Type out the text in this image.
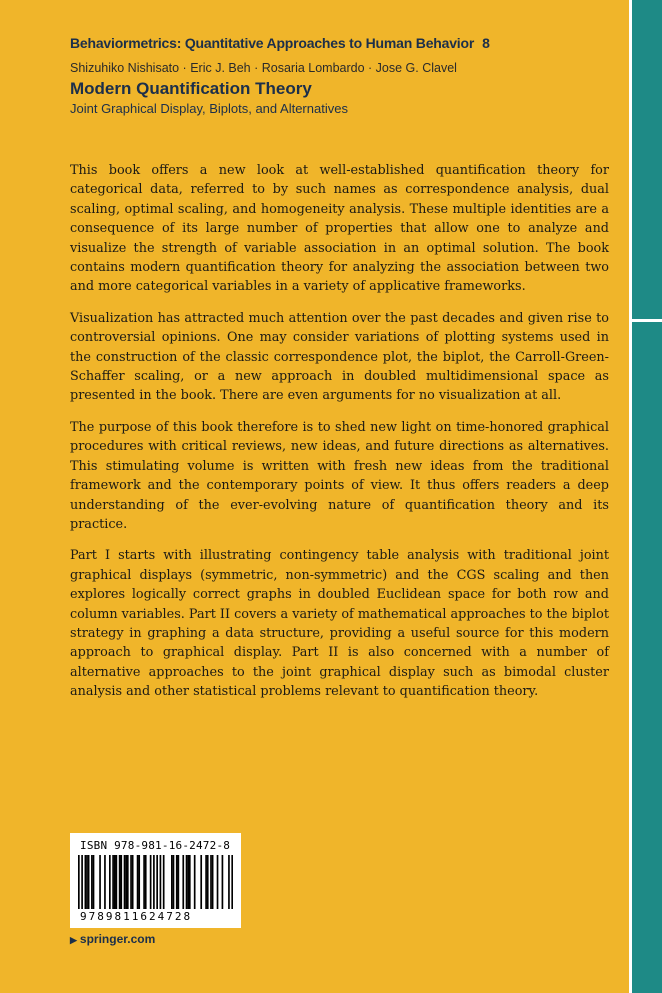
Behaviormetrics: Quantitative Approaches to Human Behavior 8
Shizuhiko Nishisato · Eric J. Beh · Rosaria Lombardo · Jose G. Clavel
Modern Quantification Theory
Joint Graphical Display, Biplots, and Alternatives

This book offers a new look at well-established quantification theory for categorical data, referred to by such names as correspondence analysis, dual scaling, optimal scaling, and homogeneity analysis. These multiple identities are a consequence of its large number of properties that allow one to analyze and visualize the strength of variable association in an optimal solution. The book contains modern quantification theory for analyzing the association between two and more categorical variables in a variety of applicative frameworks.

Visualization has attracted much attention over the past decades and given rise to controversial opinions. One may consider variations of plotting systems used in the construction of the classic correspondence plot, the biplot, the Carroll-Green-Schaffer scaling, or a new approach in doubled multidimensional space as presented in the book. There are even arguments for no visualization at all.

The purpose of this book therefore is to shed new light on time-honored graphical procedures with critical reviews, new ideas, and future directions as alternatives. This stimulating volume is written with fresh new ideas from the traditional framework and the contemporary points of view. It thus offers readers a deep understanding of the ever-evolving nature of quantification theory and its practice.

Part I starts with illustrating contingency table analysis with traditional joint graphical displays (symmetric, non-symmetric) and the CGS scaling and then explores logically correct graphs in doubled Euclidean space for both row and column variables. Part II covers a variety of mathematical approaches to the biplot strategy in graphing a data structure, providing a useful source for this modern approach to graphical display. Part II is also concerned with a number of alternative approaches to the joint graphical display such as bimodal cluster analysis and other statistical problems relevant to quantification theory.

ISBN 978-981-16-2472-8
9789811624728
▶ springer.com
